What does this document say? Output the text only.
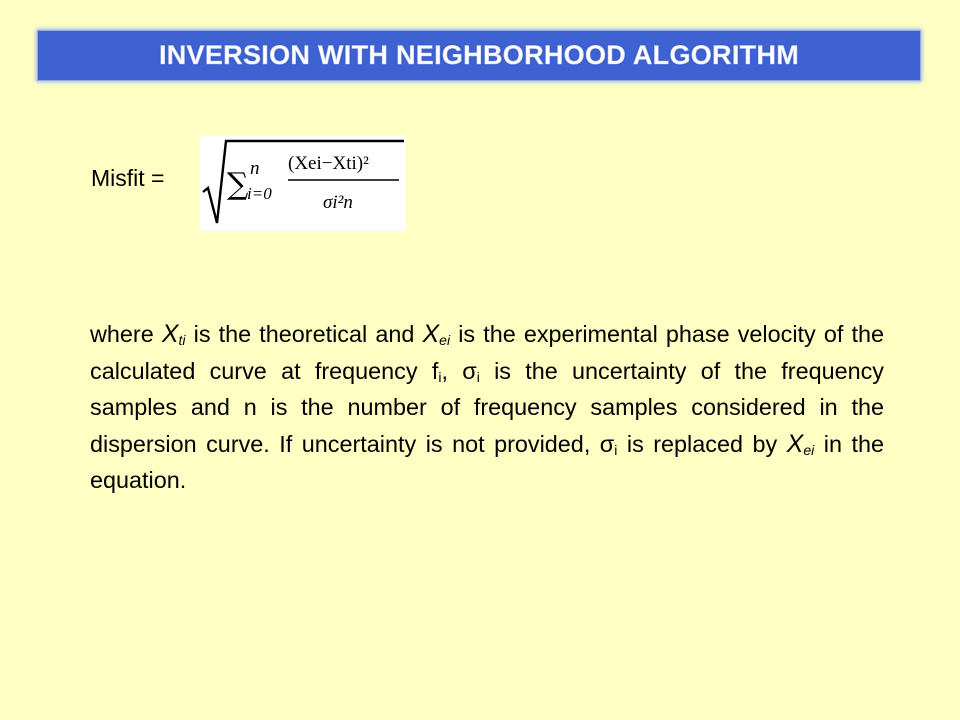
INVERSION WITH NEIGHBORHOOD ALGORITHM
Misfit = ∑ n
i=0
(Xei−Xti)²
σi²n
where $X_{ti}$ is the theoretical and $X_{ei}$ is the experimental phase velocity of the calculated curve at frequency $f_i$, $\sigma_i$ is the uncertainty of the frequency samples and n is the number of frequency samples considered in the dispersion curve. If uncertainty is not provided, $\sigma_i$ is replaced by $X_{ei}$ in the equation.
